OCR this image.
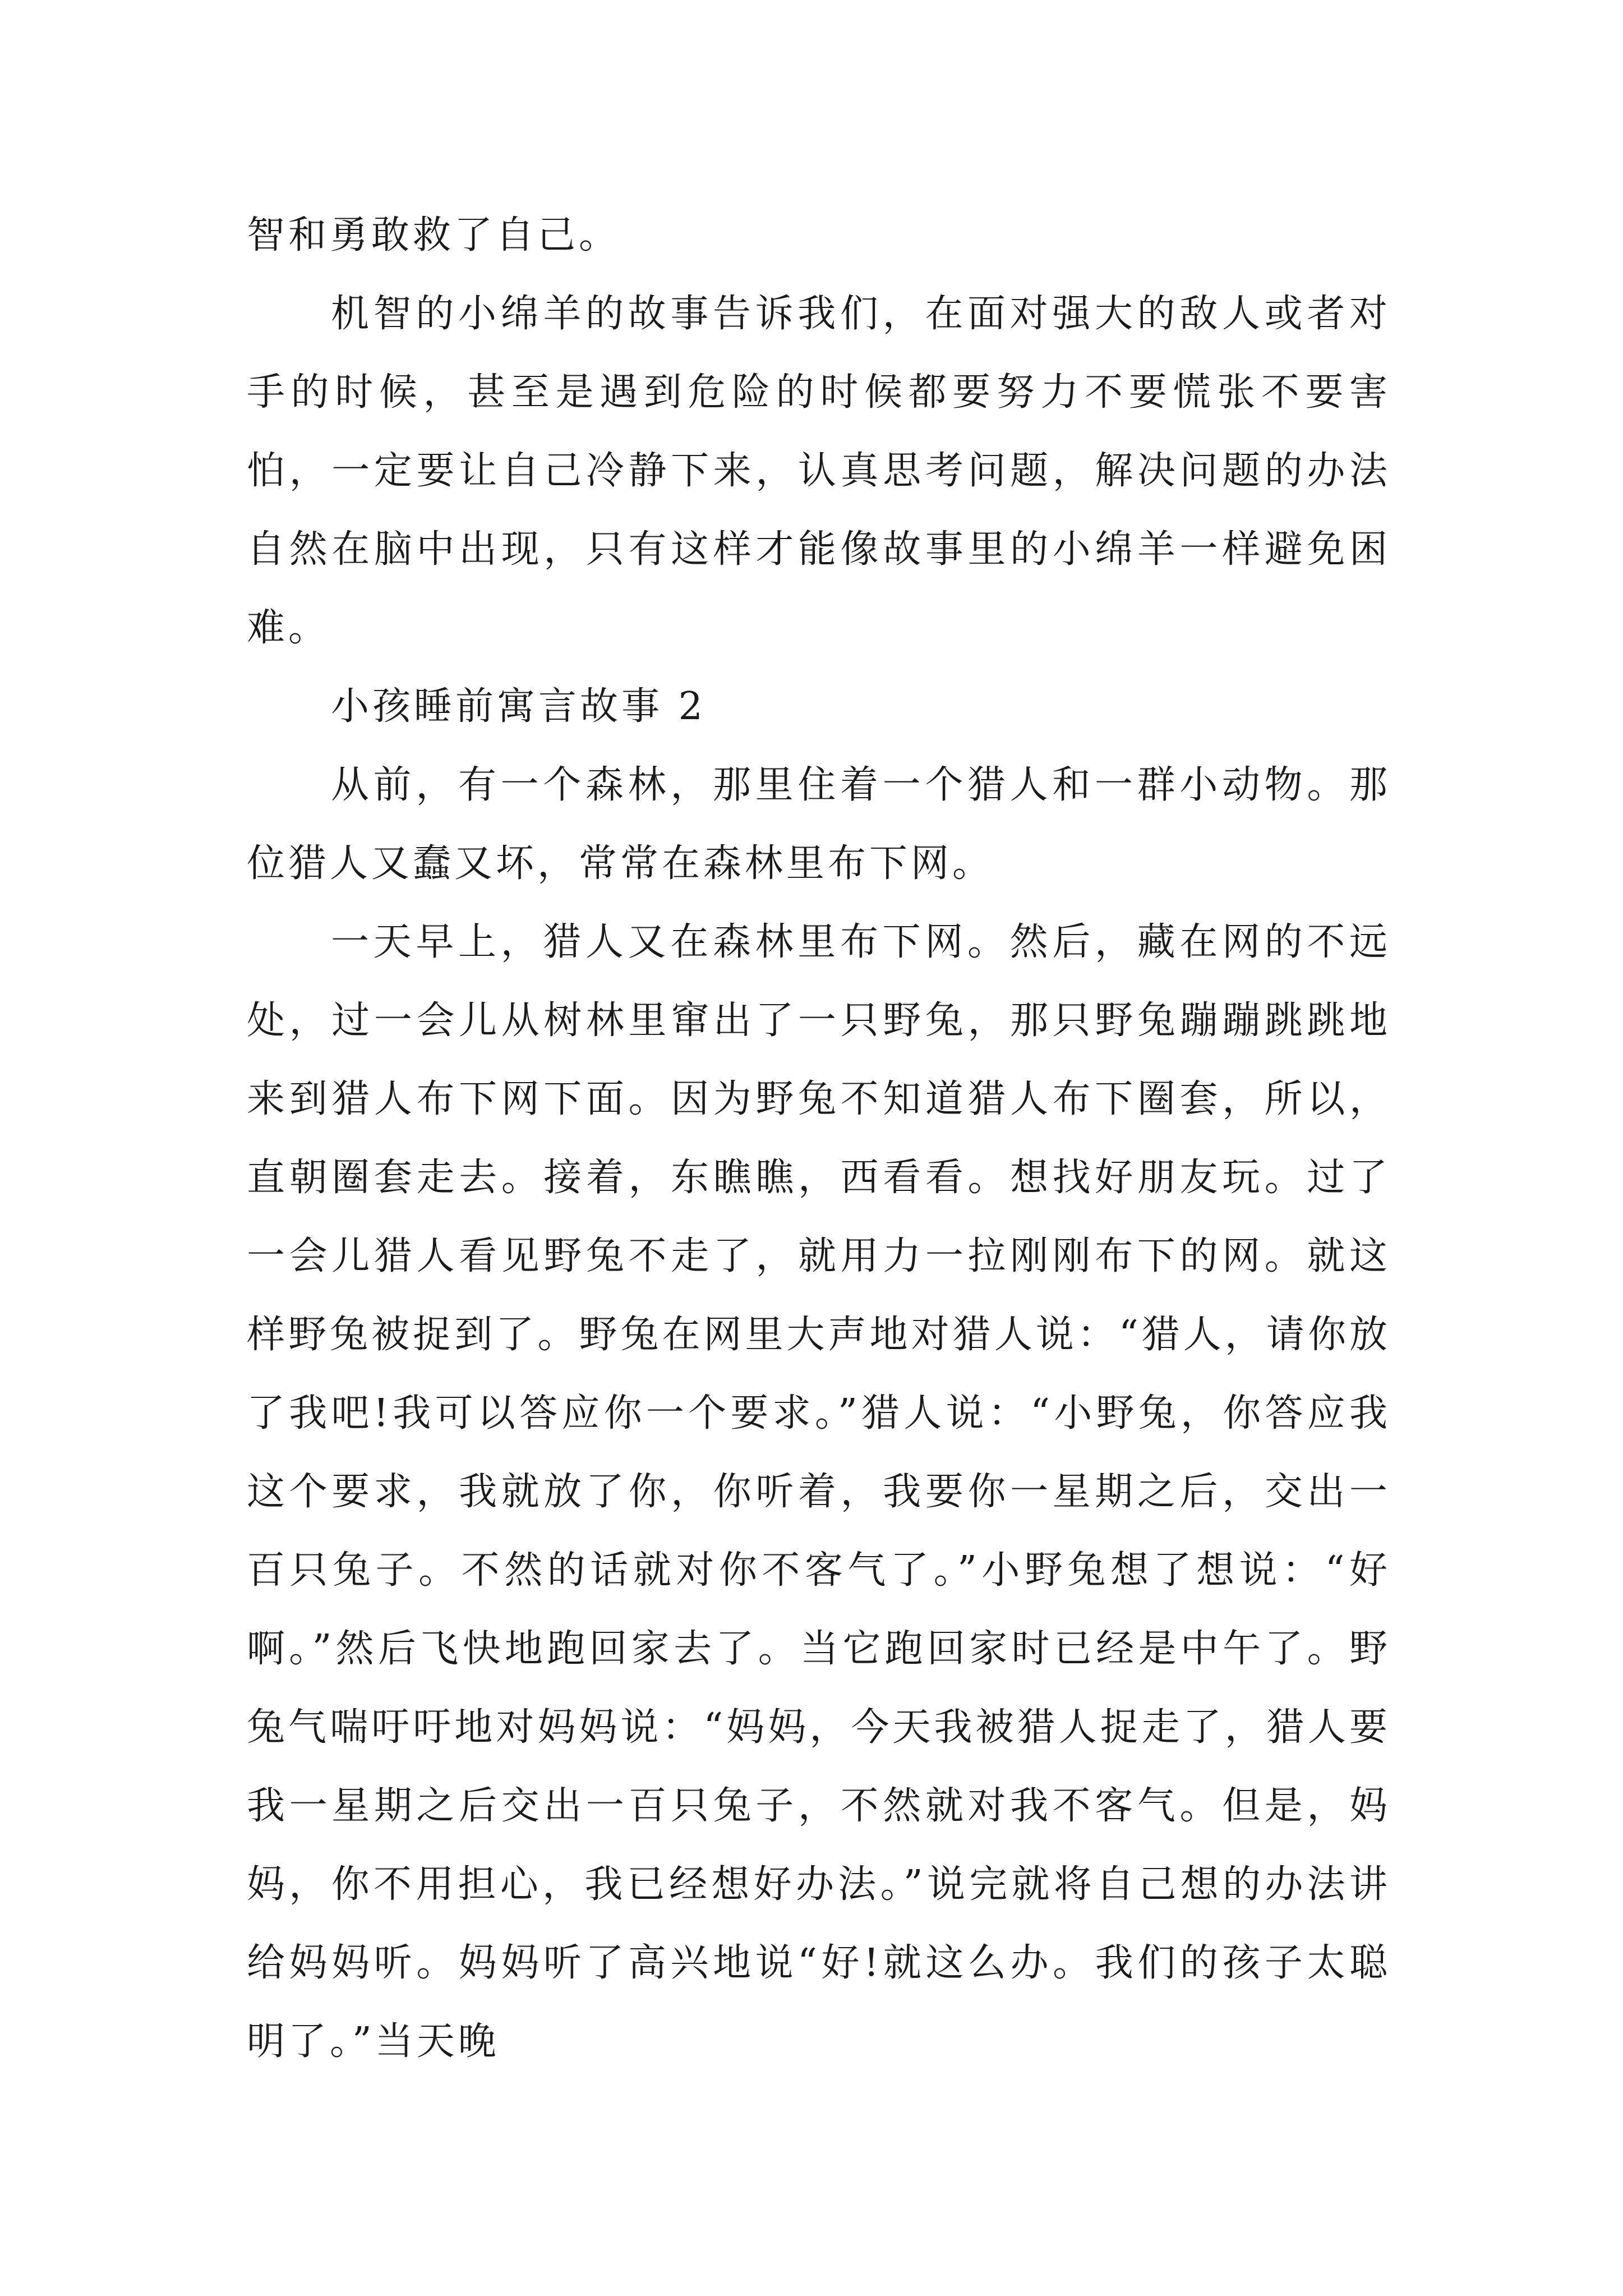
智和勇敢救了自己。

机智的小绵羊的故事告诉我们，在面对强大的敌人或者对手的时候，甚至是遇到危险的时候都要努力不要慌张不要害怕，一定要让自己冷静下来，认真思考问题，解决问题的办法自然在脑中出现，只有这样才能像故事里的小绵羊一样避免困难。

小孩睡前寓言故事 2

从前，有一个森林，那里住着一个猎人和一群小动物。那位猎人又蠢又坏，常常在森林里布下网。

一天早上，猎人又在森林里布下网。然后，藏在网的不远处，过一会儿从树林里窜出了一只野兔，那只野兔蹦蹦跳跳地来到猎人布下网下面。因为野兔不知道猎人布下圈套，所以，直朝圈套走去。接着，东瞧瞧，西看看。想找好朋友玩。过了一会儿猎人看见野兔不走了，就用力一拉刚刚布下的网。就这样野兔被捉到了。野兔在网里大声地对猎人说：“猎人，请你放了我吧!我可以答应你一个要求。”猎人说：“小野兔，你答应我这个要求，我就放了你，你听着，我要你一星期之后，交出一百只兔子。不然的话就对你不客气了。”小野兔想了想说：“好啊。”然后飞快地跑回家去了。当它跑回家时已经是中午了。野兔气喘吁吁地对妈妈说：“妈妈，今天我被猎人捉走了，猎人要我一星期之后交出一百只兔子，不然就对我不客气。但是，妈妈，你不用担心，我已经想好办法。”说完就将自己想的办法讲给妈妈听。妈妈听了高兴地说“好!就这么办。我们的孩子太聪明了。”当天晚
